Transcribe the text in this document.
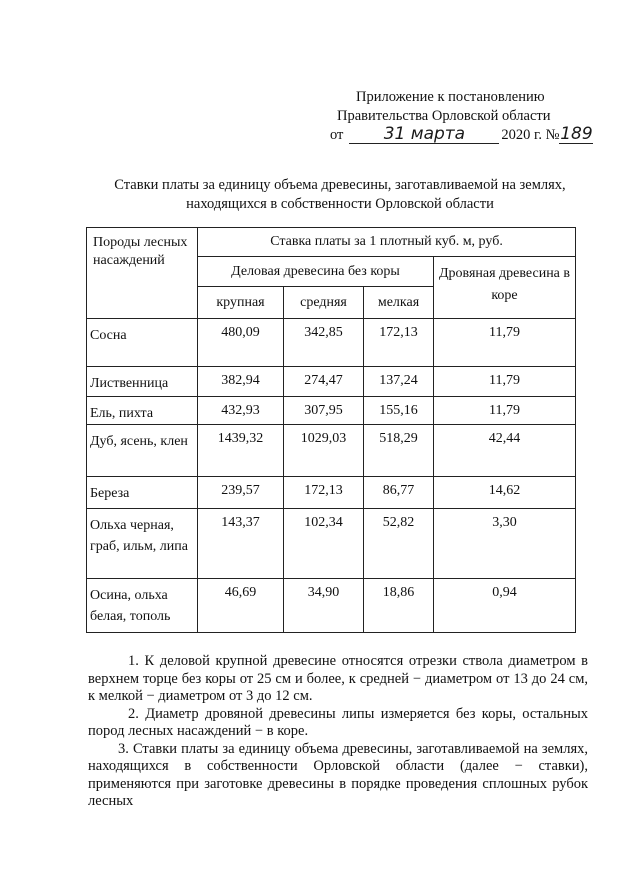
Приложение к постановлению
Правительства Орловской области
от 31 марта	2020 г. №189
Ставки платы за единицу объема древесины, заготавливаемой на землях,
находящихся в собственности Орловской области
Породы лесных насаждений	Ставка платы за 1 плотный куб. м, руб.			
	Деловая древесина без коры			Дровяная древесина в коре
	крупная	средняя	мелкая	
Сосна	480,09	342,85	172,13	11,79
Лиственница	382,94	274,47	137,24	11,79
Ель, пихта	432,93	307,95	155,16	11,79
Дуб, ясень, клен	1439,32	1029,03	518,29	42,44
Береза	239,57	172,13	86,77	14,62
Ольха черная, граб, ильм, липа	143,37	102,34	52,82	3,30
Осина, ольха белая, тополь	46,69	34,90	18,86	0,94

1. К деловой крупной древесине относятся отрезки ствола диаметром в верхнем торце без коры от 25 см и более, к средней − диаметром от 13 до 24 см, к мелкой − диаметром от 3 до 12 см.

2. Диаметр дровяной древесины липы измеряется без коры, остальных пород лесных насаждений − в коре.

3. Ставки платы за единицу объема древесины, заготавливаемой на землях, находящихся в собственности Орловской области (далее − ставки), применяются при заготовке древесины в порядке проведения сплошных рубок лесных
